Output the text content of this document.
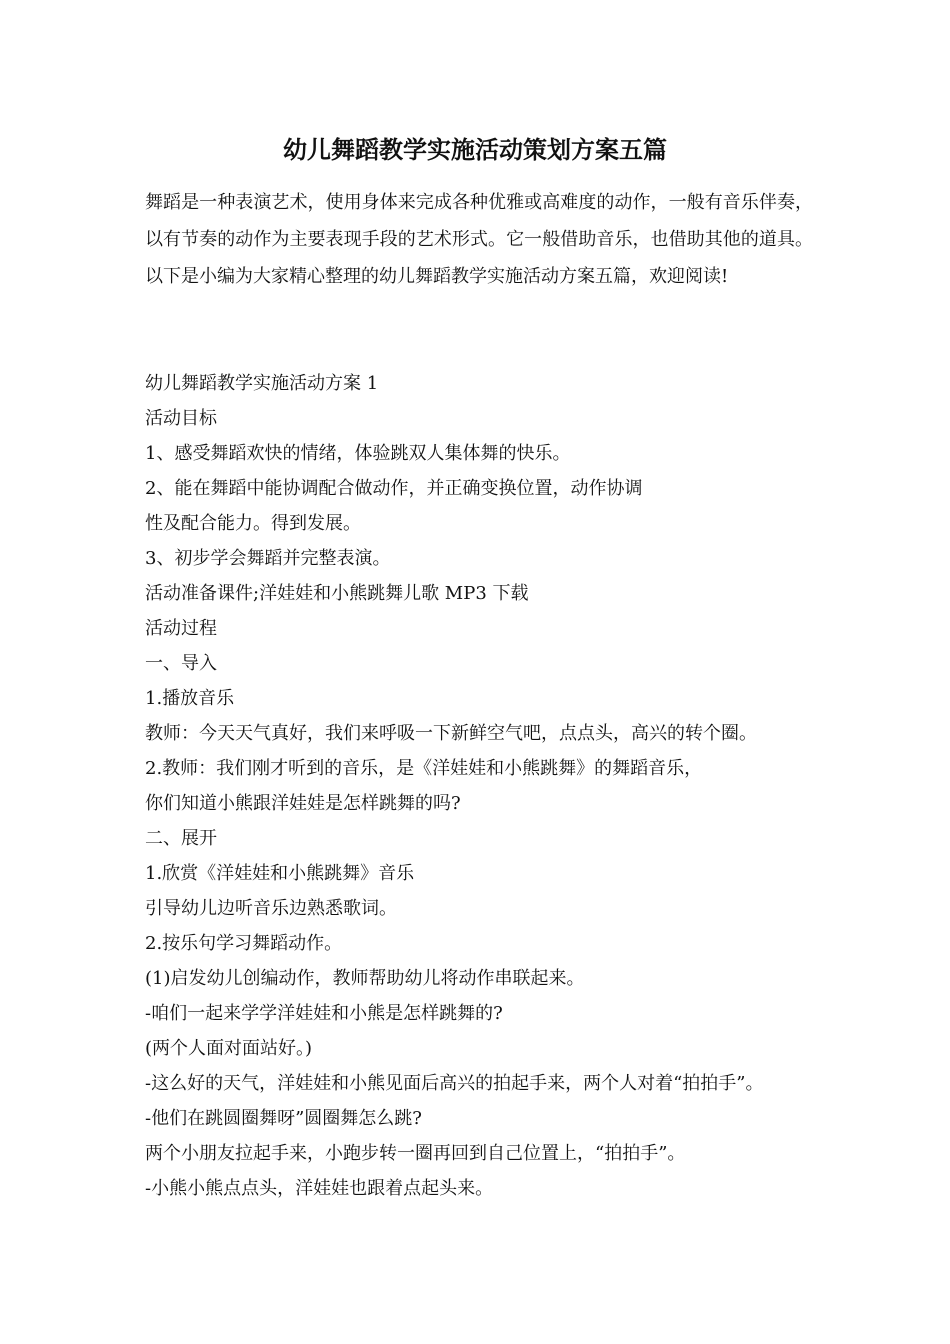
幼儿舞蹈教学实施活动策划方案五篇

舞蹈是一种表演艺术，使用身体来完成各种优雅或高难度的动作，一般有音乐伴奏，以有节奏的动作为主要表现手段的艺术形式。它一般借助音乐，也借助其他的道具。以下是小编为大家精心整理的幼儿舞蹈教学实施活动方案五篇，欢迎阅读!

幼儿舞蹈教学实施活动方案 1

活动目标

1、感受舞蹈欢快的情绪，体验跳双人集体舞的快乐。

2、能在舞蹈中能协调配合做动作，并正确变换位置，动作协调

性及配合能力。得到发展。

3、初步学会舞蹈并完整表演。

活动准备课件;洋娃娃和小熊跳舞儿歌 MP3 下载

活动过程

一、导入

1.播放音乐

教师：今天天气真好，我们来呼吸一下新鲜空气吧，点点头，高兴的转个圈。

2.教师：我们刚才听到的音乐，是《洋娃娃和小熊跳舞》的舞蹈音乐，

你们知道小熊跟洋娃娃是怎样跳舞的吗?

二、展开

1.欣赏《洋娃娃和小熊跳舞》音乐

引导幼儿边听音乐边熟悉歌词。

2.按乐句学习舞蹈动作。

(1)启发幼儿创编动作，教师帮助幼儿将动作串联起来。

-咱们一起来学学洋娃娃和小熊是怎样跳舞的?

(两个人面对面站好。)

-这么好的天气，洋娃娃和小熊见面后高兴的拍起手来，两个人对着“拍拍手”。

-他们在跳圆圈舞呀”圆圈舞怎么跳?

两个小朋友拉起手来，小跑步转一圈再回到自己位置上，“拍拍手”。

-小熊小熊点点头，洋娃娃也跟着点起头来。
